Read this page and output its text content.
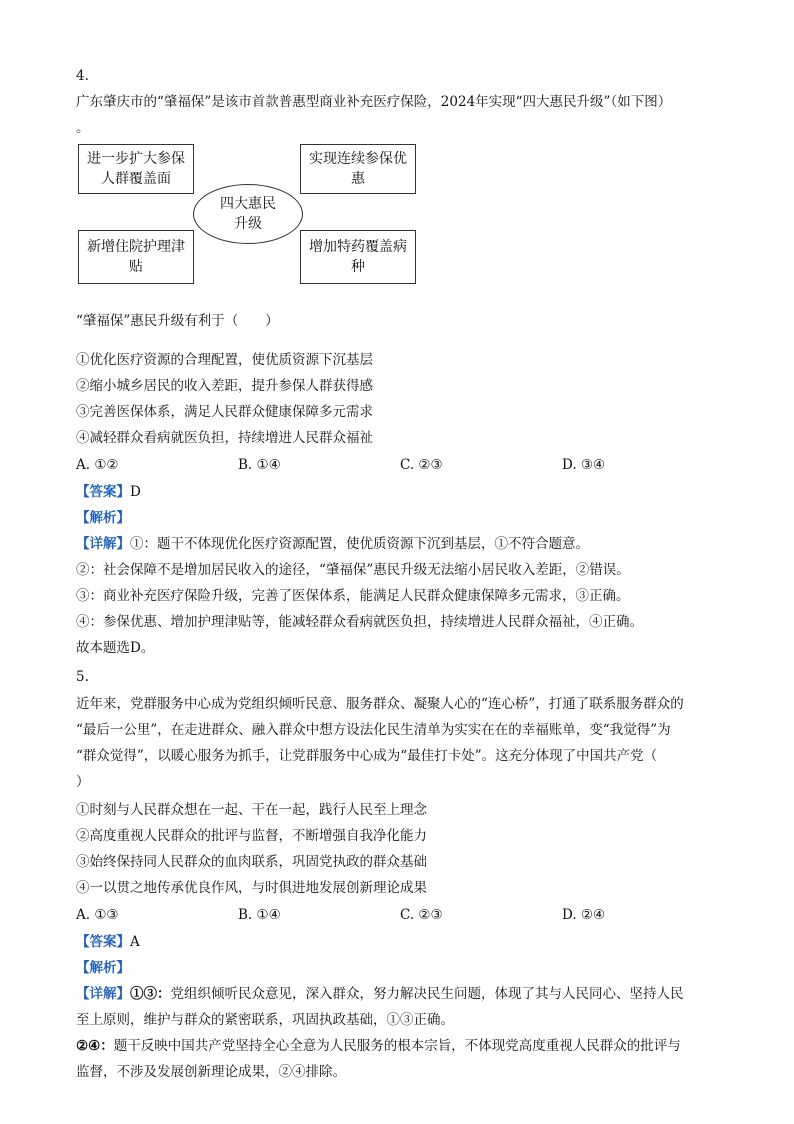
4.

广东肇庆市的“肇福保”是该市首款普惠型商业补充医疗保险，2024年实现“四大惠民升级”（如下图）

。

进一步扩大参保人群覆盖面
实现连续参保优惠
新增住院护理津贴
增加特药覆盖病种
四大惠民升级

“肇福保”惠民升级有利于（　　）

①优化医疗资源的合理配置，使优质资源下沉基层

②缩小城乡居民的收入差距，提升参保人群获得感

③完善医保体系，满足人民群众健康保障多元需求

④减轻群众看病就医负担，持续增进人民群众福祉

A. ①②	B. ①④	C. ②③	D. ③④

【答案】D

【解析】

【详解】①：题干不体现优化医疗资源配置，使优质资源下沉到基层，①不符合题意。

②：社会保障不是增加居民收入的途径，“肇福保”惠民升级无法缩小居民收入差距，②错误。

③：商业补充医疗保险升级，完善了医保体系，能满足人民群众健康保障多元需求，③正确。

④：参保优惠、增加护理津贴等，能减轻群众看病就医负担，持续增进人民群众福祉，④正确。

故本题选D。

5.

近年来，党群服务中心成为党组织倾听民意、服务群众、凝聚人心的“连心桥”，打通了联系服务群众的

“最后一公里”，在走进群众、融入群众中想方设法化民生清单为实实在在的幸福账单，变“我觉得”为

“群众觉得”，以暖心服务为抓手，让党群服务中心成为“最佳打卡处”。这充分体现了中国共产党（

）

①时刻与人民群众想在一起、干在一起，践行人民至上理念

②高度重视人民群众的批评与监督，不断增强自我净化能力

③始终保持同人民群众的血肉联系，巩固党执政的群众基础

④一以贯之地传承优良作风，与时俱进地发展创新理论成果

A. ①③	B. ①④	C. ②③	D. ②④

【答案】A

【解析】

【详解】①③：党组织倾听民众意见，深入群众，努力解决民生问题，体现了其与人民同心、坚持人民

至上原则，维护与群众的紧密联系，巩固执政基础，①③正确。

②④：题干反映中国共产党坚持全心全意为人民服务的根本宗旨，不体现党高度重视人民群众的批评与

监督，不涉及发展创新理论成果，②④排除。
